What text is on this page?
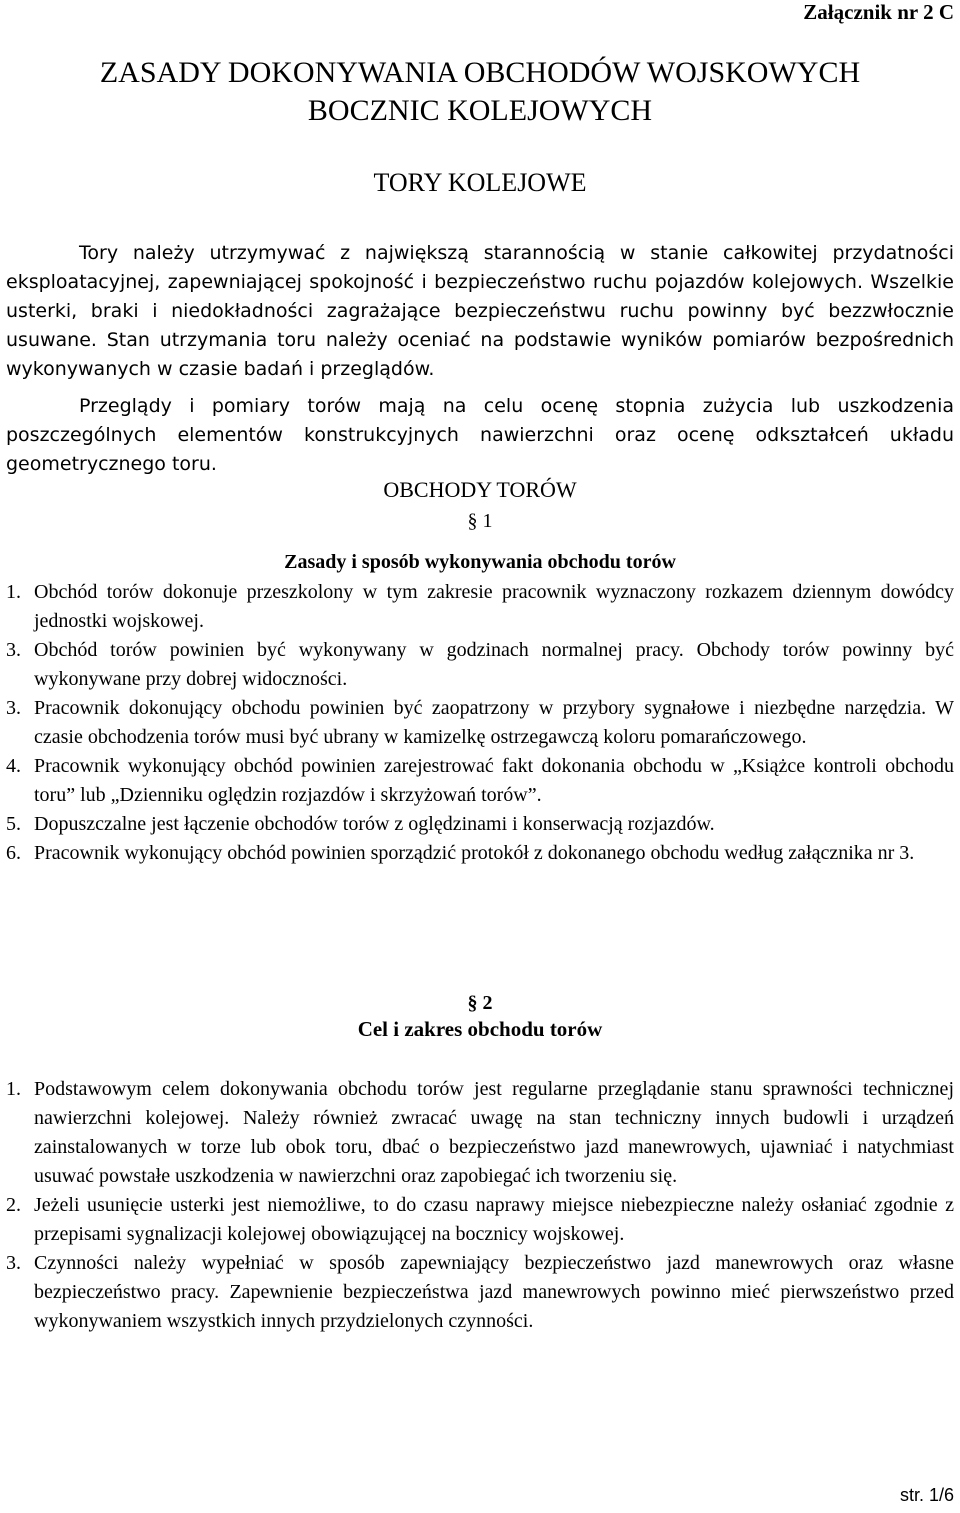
Załącznik nr 2 C
ZASADY DOKONYWANIA OBCHODÓW WOJSKOWYCH
BOCZNIC KOLEJOWYCH
TORY KOLEJOWE
Tory należy utrzymywać z największą starannością w stanie całkowitej przydatności eksploatacyjnej, zapewniającej spokojność i bezpieczeństwo ruchu pojazdów kolejowych. Wszelkie usterki, braki i niedokładności zagrażające bezpieczeństwu ruchu powinny być bezzwłocznie usuwane. Stan utrzymania toru należy oceniać na podstawie wyników pomiarów bezpośrednich wykonywanych w czasie badań i przeglądów.
Przeglądy i pomiary torów mają na celu ocenę stopnia zużycia lub uszkodzenia poszczególnych elementów konstrukcyjnych nawierzchni oraz ocenę odkształceń układu geometrycznego toru.
OBCHODY TORÓW
§ 1
Zasady i sposób wykonywania obchodu torów

1. Obchód torów dokonuje przeszkolony w tym zakresie pracownik wyznaczony rozkazem dziennym dowódcy jednostki wojskowej.

3. Obchód torów powinien być wykonywany w godzinach normalnej pracy. Obchody torów powinny być wykonywane przy dobrej widoczności.

3. Pracownik dokonujący obchodu powinien być zaopatrzony w przybory sygnałowe i niezbędne narzędzia. W czasie obchodzenia torów musi być ubrany w kamizelkę ostrzegawczą koloru pomarańczowego.

4. Pracownik wykonujący obchód powinien zarejestrować fakt dokonania obchodu w „Książce kontroli obchodu toru” lub „Dzienniku oględzin rozjazdów i skrzyżowań torów”.

5. Dopuszczalne jest łączenie obchodów torów z oględzinami i konserwacją rozjazdów.

6. Pracownik wykonujący obchód powinien sporządzić protokół z dokonanego obchodu według załącznika nr 3.

§ 2
Cel i zakres obchodu torów

1. Podstawowym celem dokonywania obchodu torów jest regularne przeglądanie stanu sprawności technicznej nawierzchni kolejowej. Należy również zwracać uwagę na stan techniczny innych budowli i urządzeń zainstalowanych w torze lub obok toru, dbać o bezpieczeństwo jazd manewrowych, ujawniać i natychmiast usuwać powstałe uszkodzenia w nawierzchni oraz zapobiegać ich tworzeniu się.

2. Jeżeli usunięcie usterki jest niemożliwe, to do czasu naprawy miejsce niebezpieczne należy osłaniać zgodnie z przepisami sygnalizacji kolejowej obowiązującej na bocznicy wojskowej.

3. Czynności należy wypełniać w sposób zapewniający bezpieczeństwo jazd manewrowych oraz własne bezpieczeństwo pracy. Zapewnienie bezpieczeństwa jazd manewrowych powinno mieć pierwszeństwo przed wykonywaniem wszystkich innych przydzielonych czynności.

str. 1/6
